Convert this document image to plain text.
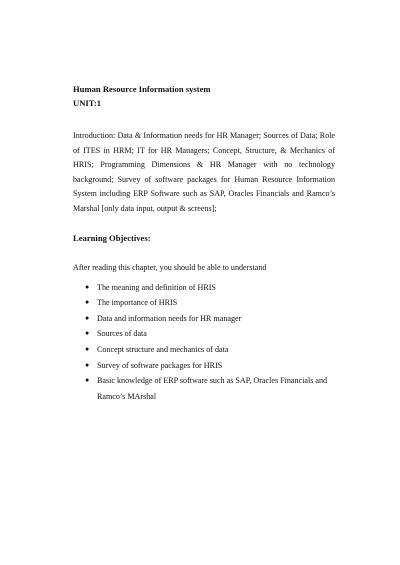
Human Resource Information system

UNIT:1

Introduction: Data & Information needs for HR Manager; Sources of Data; Role of ITES in HRM; IT for HR Managers; Concept, Structure, & Mechanics of HRIS; Programming Dimensions & HR Manager with no technology background; Survey of software packages for Human Resource Information System including ERP Software such as SAP, Oracles Financials and Ramco’s Marshal [only data input, output & screens];

Learning Objectives:

After reading this chapter, you should be able to understand

● The meaning and definition of HRIS
● The importance of HRIS
● Data and information needs for HR manager
● Sources of data
● Concept structure and mechanics of data
● Survey of software packages for HRIS
● Basic knowledge of ERP software such as SAP, Oracles Financials and Ramco’s MArshal
